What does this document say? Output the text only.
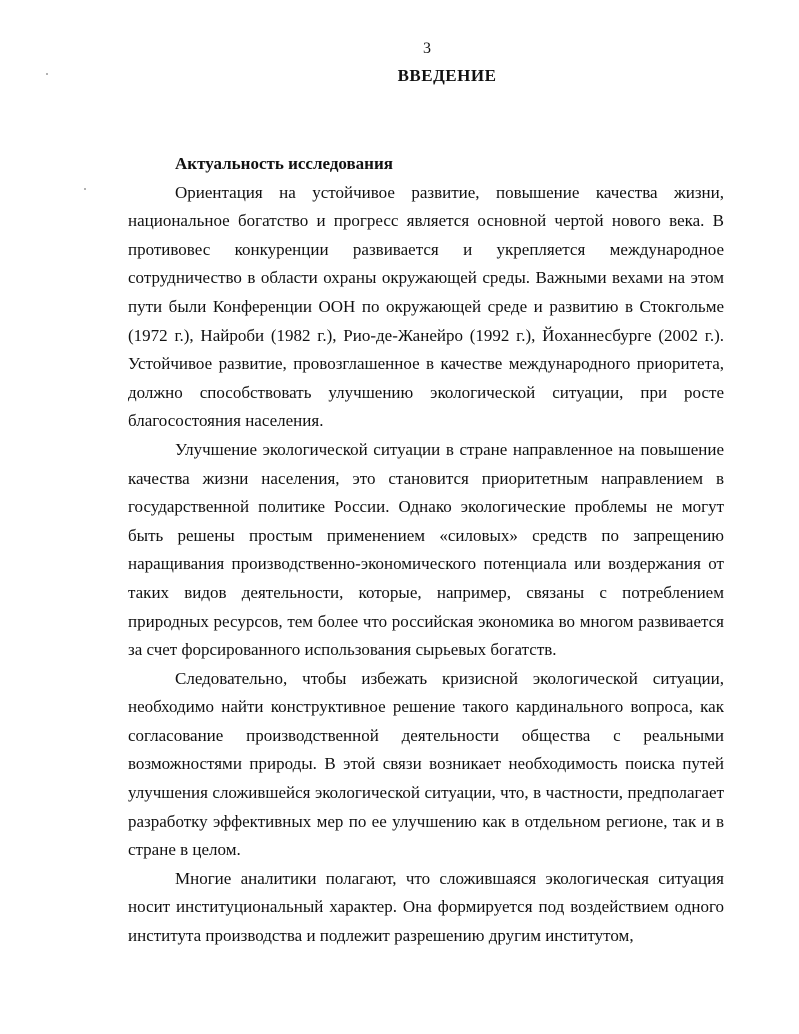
3
ВВЕДЕНИЕ

Актуальность исследования

Ориентация на устойчивое развитие, повышение качества жизни, национальное богатство и прогресс является основной чертой нового века. В противовес конкуренции развивается и укрепляется международное сотрудничество в области охраны окружающей среды. Важными вехами на этом пути были Конференции ООН по окружающей среде и развитию в Стокгольме (1972 г.), Найроби (1982 г.), Рио-де-Жанейро (1992 г.), Йоханнесбурге (2002 г.). Устойчивое развитие, провозглашенное в качестве международного приоритета, должно способствовать улучшению экологической ситуации, при росте благосостояния населения.

Улучшение экологической ситуации в стране направленное на повышение качества жизни населения, это становится приоритетным направлением в государственной политике России. Однако экологические проблемы не могут быть решены простым применением «силовых» средств по запрещению наращивания производственно-экономического потенциала или воздержания от таких видов деятельности, которые, например, связаны с потреблением природных ресурсов, тем более что российская экономика во многом развивается за счет форсированного использования сырьевых богатств.

Следовательно, чтобы избежать кризисной экологической ситуации, необходимо найти конструктивное решение такого кардинального вопроса, как согласование производственной деятельности общества с реальными возможностями природы. В этой связи возникает необходимость поиска путей улучшения сложившейся экологической ситуации, что, в частности, предполагает разработку эффективных мер по ее улучшению как в отдельном регионе, так и в стране в целом.

Многие аналитики полагают, что сложившаяся экологическая ситуация носит институциональный характер. Она формируется под воздействием одного института производства и подлежит разрешению другим институтом,
